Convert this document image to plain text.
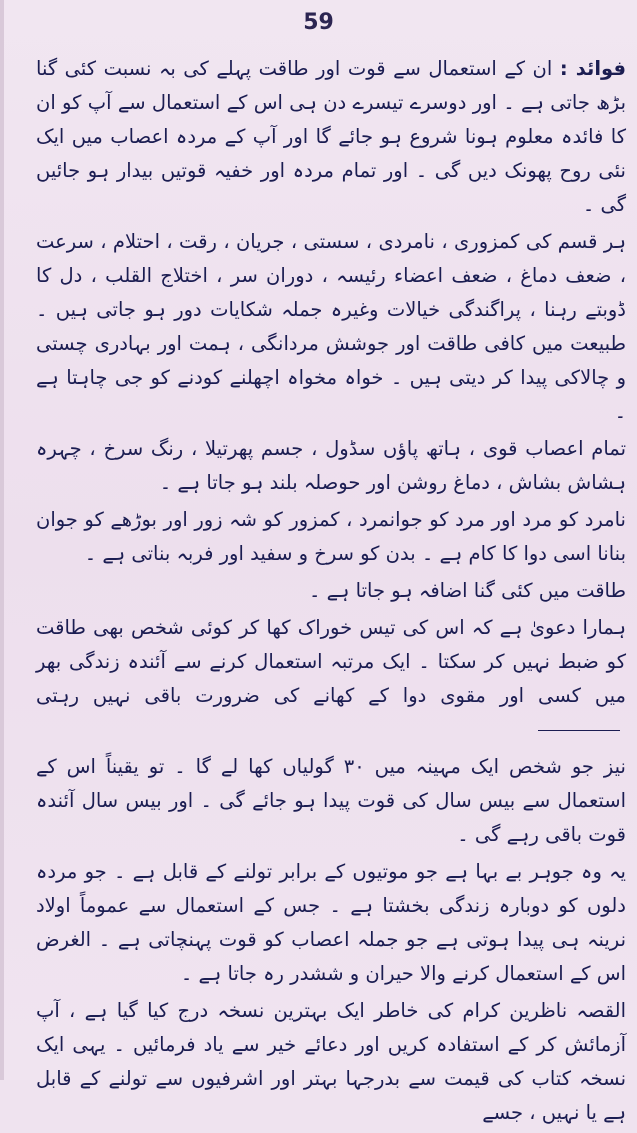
59

فوائد : ان کے استعمال سے قوت اور طاقت پہلے کی بہ نسبت کئی گنا بڑھ جاتی ہے ۔ اور دوسرے تیسرے دن ہی اس کے استعمال سے آپ کو ان کا فائدہ معلوم ہونا شروع ہو جائے گا اور آپ کے مردہ اعصاب میں ایک نئی روح پھونک دیں گی ۔ اور تمام مردہ اور خفیہ قوتیں بیدار ہو جائیں گی ۔

ہر قسم کی کمزوری ، نامردی ، سستی ، جریان ، رقت ، احتلام ، سرعت ، ضعف دماغ ، ضعف اعضاء رئیسہ ، دوران سر ، اختلاج القلب ، دل کا ڈوبتے رہنا ، پراگندگی خیالات وغیرہ جملہ شکایات دور ہو جاتی ہیں ۔ طبیعت میں کافی طاقت اور جوشش مردانگی ، ہمت اور بہادری چستی و چالاکی پیدا کر دیتی ہیں ۔ خواہ مخواہ اچھلنے کودنے کو جی چاہتا ہے ۔

تمام اعصاب قوی ، ہاتھ پاؤں سڈول ، جسم پھرتیلا ، رنگ سرخ ، چہرہ ہشاش بشاش ، دماغ روشن اور حوصلہ بلند ہو جاتا ہے ۔

نامرد کو مرد اور مرد کو جوانمرد ، کمزور کو شہ زور اور بوڑھے کو جوان بنانا اسی دوا کا کام ہے ۔ بدن کو سرخ و سفید اور فربہ بناتی ہے ۔

طاقت میں کئی گنا اضافہ ہو جاتا ہے ۔

ہمارا دعویٰ ہے کہ اس کی تیس خوراک کھا کر کوئی شخص بھی طاقت کو ضبط نہیں کر سکتا ۔ ایک مرتبہ استعمال کرنے سے آئندہ زندگی بھر میں کسی اور مقوی دوا کے کھانے کی ضرورت باقی نہیں رہتی

نیز جو شخص ایک مہینہ میں ۳۰ گولیاں کھا لے گا ۔ تو یقیناً اس کے استعمال سے بیس سال کی قوت پیدا ہو جائے گی ۔ اور بیس سال آئندہ قوت باقی رہے گی ۔

یہ وہ جوہر بے بہا ہے جو موتیوں کے برابر تولنے کے قابل ہے ۔ جو مردہ دلوں کو دوبارہ زندگی بخشتا ہے ۔ جس کے استعمال سے عموماً اولاد نرینہ ہی پیدا ہوتی ہے جو جملہ اعصاب کو قوت پہنچاتی ہے ۔ الغرض اس کے استعمال کرنے والا حیران و ششدر رہ جاتا ہے ۔

القصہ ناظرین کرام کی خاطر ایک بہترین نسخہ درج کیا گیا ہے ، آپ آزمائش کر کے استفادہ کریں اور دعائے خیر سے یاد فرمائیں ۔ یہی ایک نسخہ کتاب کی قیمت سے بدرجہا بہتر اور اشرفیوں سے تولنے کے قابل ہے یا نہیں ، جسے
